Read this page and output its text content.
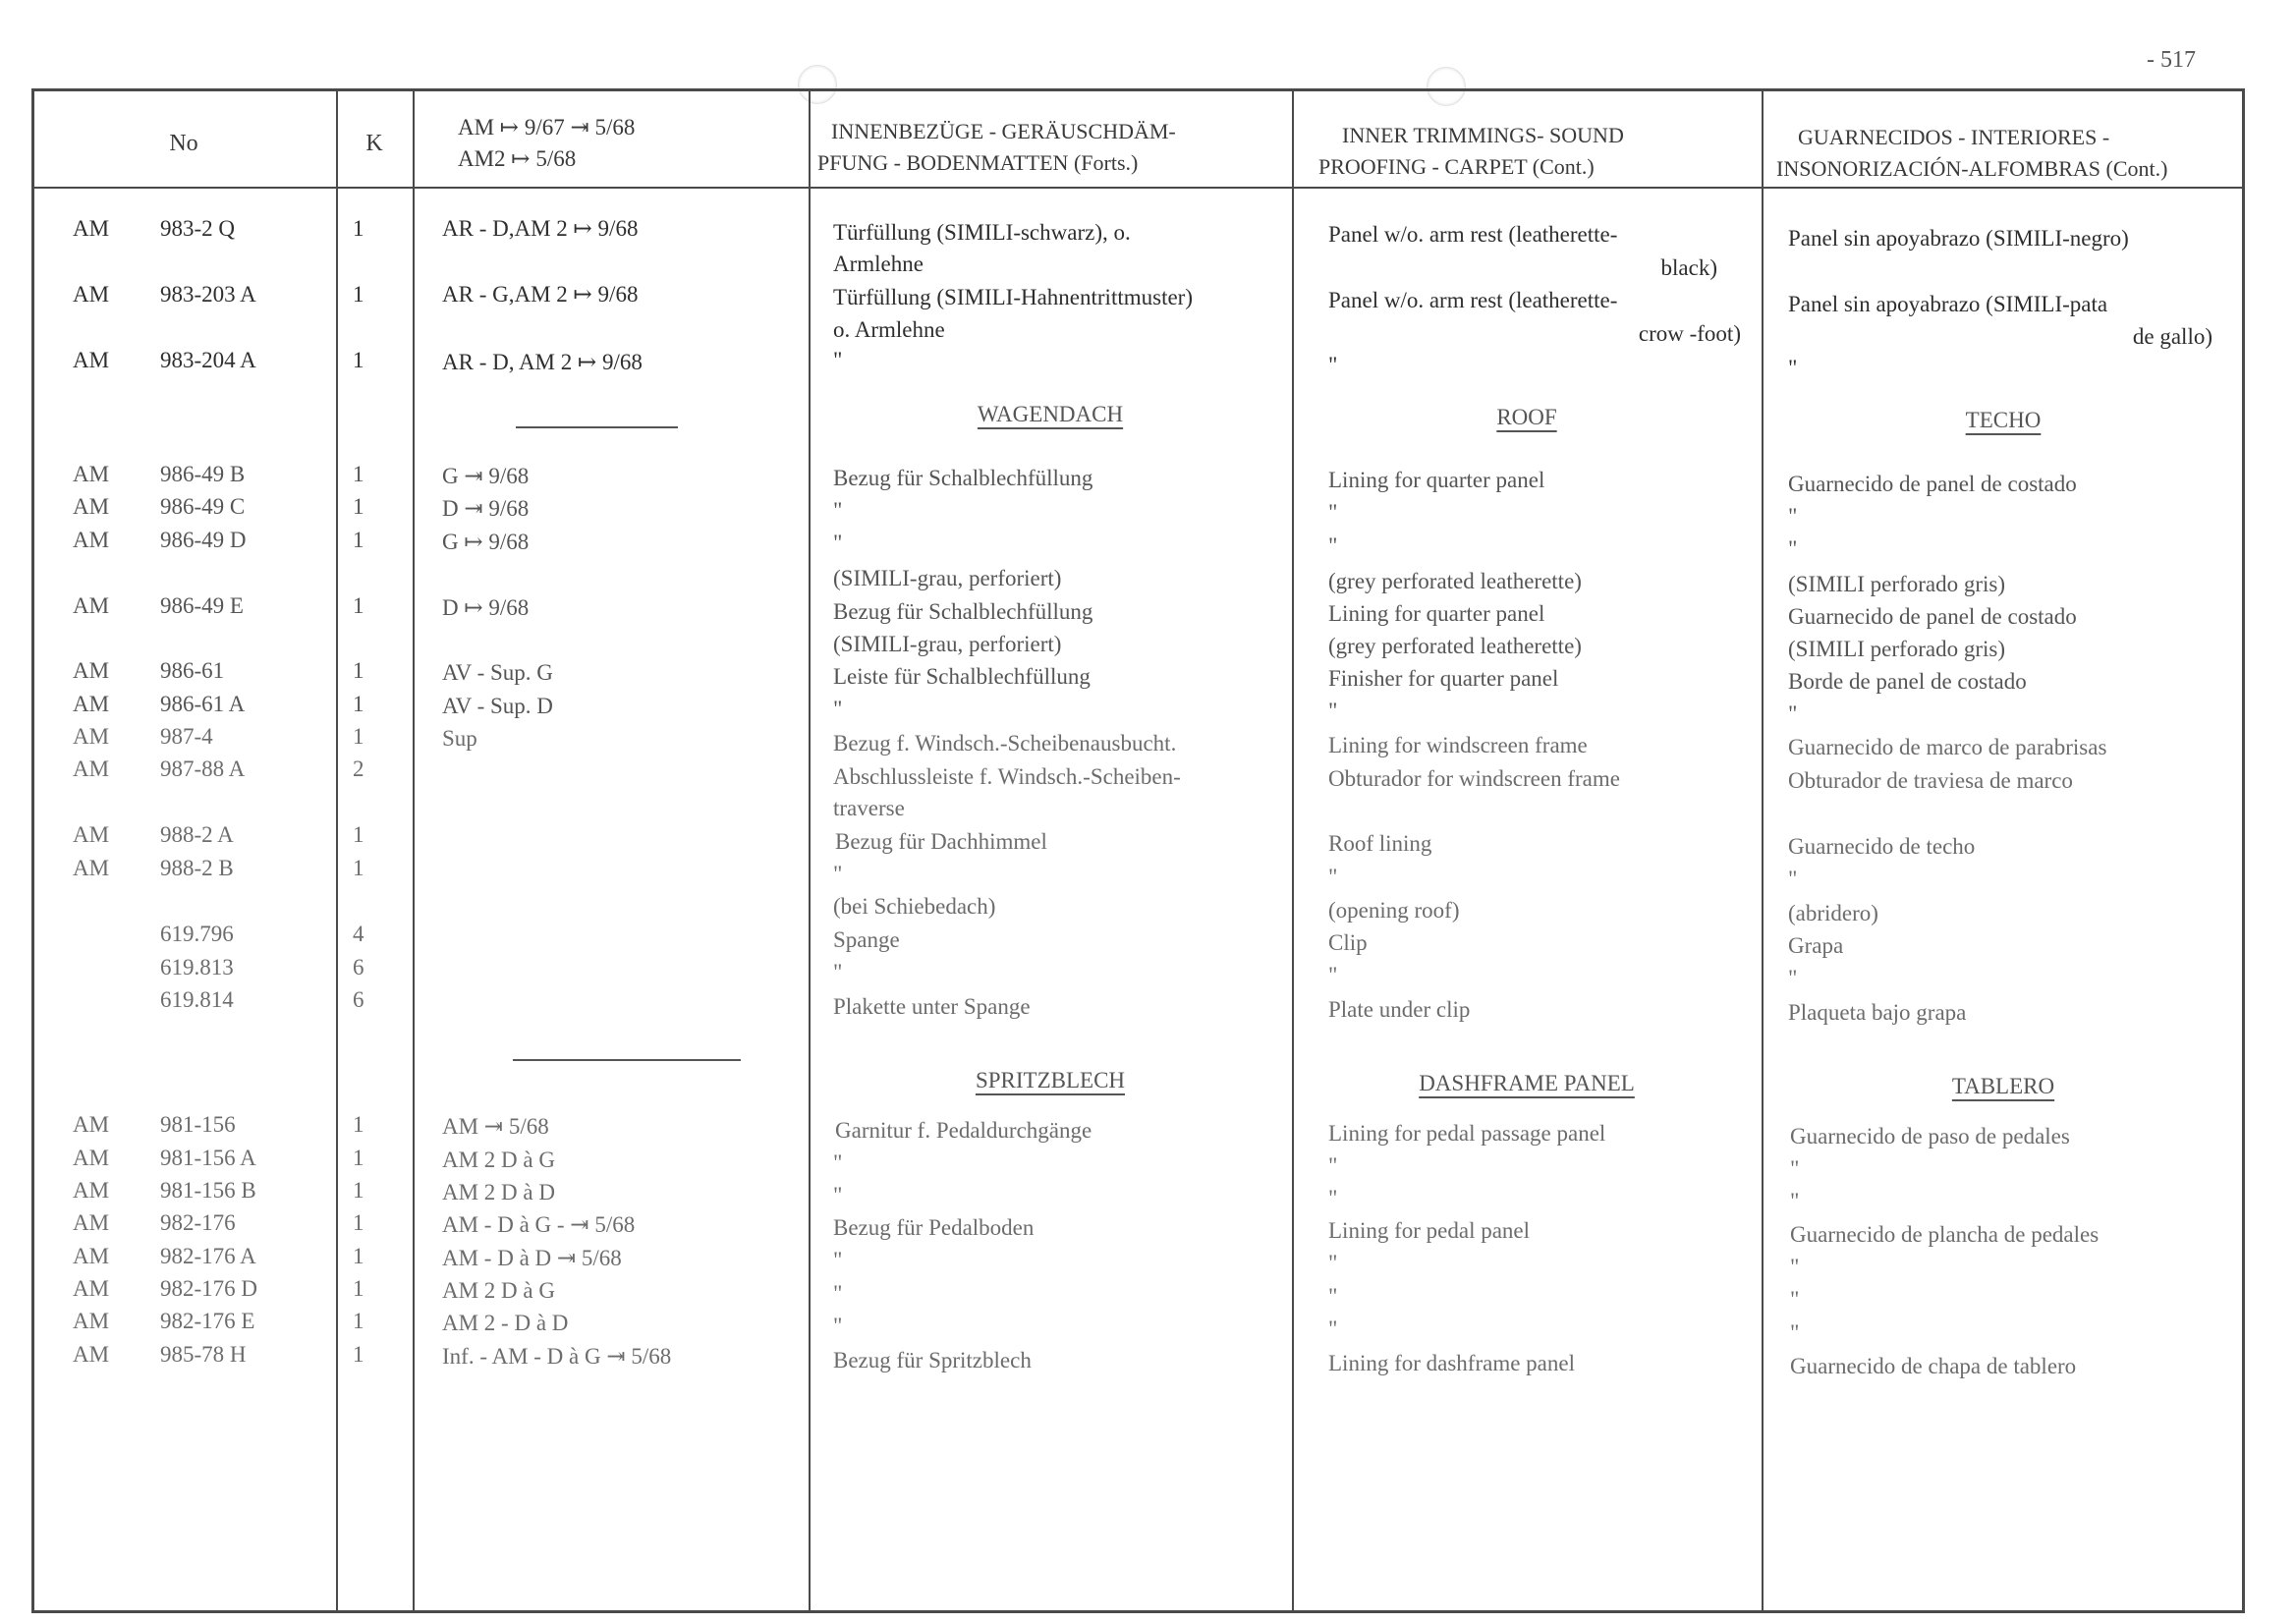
- 517
No	K
AM ↦ 9/67 ⇥ 5/68
AM2 ↦ 5/68
INNENBEZÜGE - GERÄUSCHDÄM-
PFUNG - BODENMATTEN (Forts.)
INNER TRIMMINGS- SOUND
PROOFING - CARPET (Cont.)
GUARNECIDOS - INTERIORES -
INSONORIZACIÓN-ALFOMBRAS (Cont.)
WAGENDACH	ROOF	TECHO
SPRITZBLECH	DASHFRAME PANEL	TABLERO
AM 983-2 Q	1	AR - D,AM 2 ↦ 9/68	Türfüllung (SIMILI-schwarz), o.	Panel w/o. arm rest (leatherette-	Panel sin apoyabrazo (SIMILI-negro)
Armlehne	black)
AM 983-203 A	1	AR - G,AM 2 ↦ 9/68	Türfüllung (SIMILI-Hahnentrittmuster)	Panel w/o. arm rest (leatherette-	Panel sin apoyabrazo (SIMILI-pata
o. Armlehne	crow -foot)	de gallo)
AM 983-204 A	1	AR - D, AM 2 ↦ 9/68	"	"	"
AM 986-49 B	1	G ⇥ 9/68	Bezug für Schalblechfüllung	Lining for quarter panel	Guarnecido de panel de costado
AM 986-49 C	1	D ⇥ 9/68	"	"	"
AM 986-49 D	1	G ↦ 9/68	"	"	"
(SIMILI-grau, perforiert)	(grey perforated leatherette)	(SIMILI perforado gris)
AM 986-49 E	1	D ↦ 9/68	Bezug für Schalblechfüllung	Lining for quarter panel	Guarnecido de panel de costado
(SIMILI-grau, perforiert)	(grey perforated leatherette)	(SIMILI perforado gris)
AM 986-61	1	AV - Sup. G	Leiste für Schalblechfüllung	Finisher for quarter panel	Borde de panel de costado
AM 986-61 A	1	AV - Sup. D	"	"	"
AM 987-4	1	Sup	Bezug f. Windsch.-Scheibenausbucht.	Lining for windscreen frame	Guarnecido de marco de parabrisas
AM 987-88 A	2	Abschlussleiste f. Windsch.-Scheiben-	Obturador for windscreen frame	Obturador de traviesa de marco
traverse
AM 988-2 A	1	Bezug für Dachhimmel	Roof lining	Guarnecido de techo
AM 988-2 B	1	"	"	"
(bei Schiebedach)	(opening roof)	(abridero)
619.796	4	Spange	Clip	Grapa
619.813	6	"	"	"
619.814	6	Plakette unter Spange	Plate under clip	Plaqueta bajo grapa
AM 981-156	1	AM ⇥ 5/68	Garnitur f. Pedaldurchgänge	Lining for pedal passage panel	Guarnecido de paso de pedales
AM 981-156 A	1	AM 2 D à G	"	"	"
AM 981-156 B	1	AM 2 D à D	"	"	"
AM 982-176	1	AM - D à G - ⇥ 5/68	Bezug für Pedalboden	Lining for pedal panel	Guarnecido de plancha de pedales
AM 982-176 A	1	AM - D à D ⇥ 5/68	"	"	"
AM 982-176 D	1	AM 2 D à G	"	"	"
AM 982-176 E	1	AM 2 - D à D	"	"	"
AM 985-78 H	1	Inf. - AM - D à G ⇥ 5/68	Bezug für Spritzblech	Lining for dashframe panel	Guarnecido de chapa de tablero
